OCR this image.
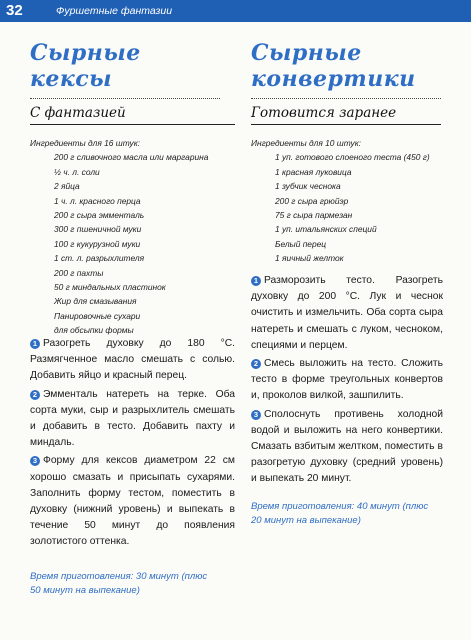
32	Фуршетные фантазии
Сырные
кексы
С фантазией
Ингредиенты для 16 штук:
200 г сливочного масла или маргарина
½ ч. л. соли
2 яйца
1 ч. л. красного перца
200 г сыра эмменталь
300 г пшеничной муки
100 г кукурузной муки
1 ст. л. разрыхлителя
200 г пахты
50 г миндальных пластинок
Жир для смазывания
Панировочные сухари
для обсыпки формы
1 Разогреть духовку до 180 °С. Размягченное масло смешать с солью. Добавить яйцо и красный перец.
2 Эмменталь натереть на терке. Оба сорта муки, сыр и разрыхлитель смешать и добавить в тесто. Добавить пахту и миндаль.
3 Форму для кексов диаметром 22 см хорошо смазать и присыпать сухарями. Заполнить форму тестом, поместить в духовку (нижний уровень) и выпекать в течение 50 минут до появления золотистого оттенка.
Время приготовления: 30 минут (плюс 50 минут на выпекание)
Сырные
конвертики
Готовится заранее
Ингредиенты для 10 штук:
1 уп. готового слоеного теста (450 г)
1 красная луковица
1 зубчик чеснока
200 г сыра грюйэр
75 г сыра пармезан
1 уп. итальянских специй
Белый перец
1 яичный желток
1 Разморозить тесто. Разогреть духовку до 200 °С. Лук и чеснок очистить и измельчить. Оба сорта сыра натереть и смешать с луком, чесноком, специями и перцем.
2 Смесь выложить на тесто. Сложить тесто в форме треугольных конвертов и, проколов вилкой, зашпилить.
3 Сполоснуть противень холодной водой и выложить на него конвертики. Смазать взбитым желтком, поместить в разогретую духовку (средний уровень) и выпекать 20 минут.
Время приготовления: 40 минут (плюс 20 минут на выпекание)
